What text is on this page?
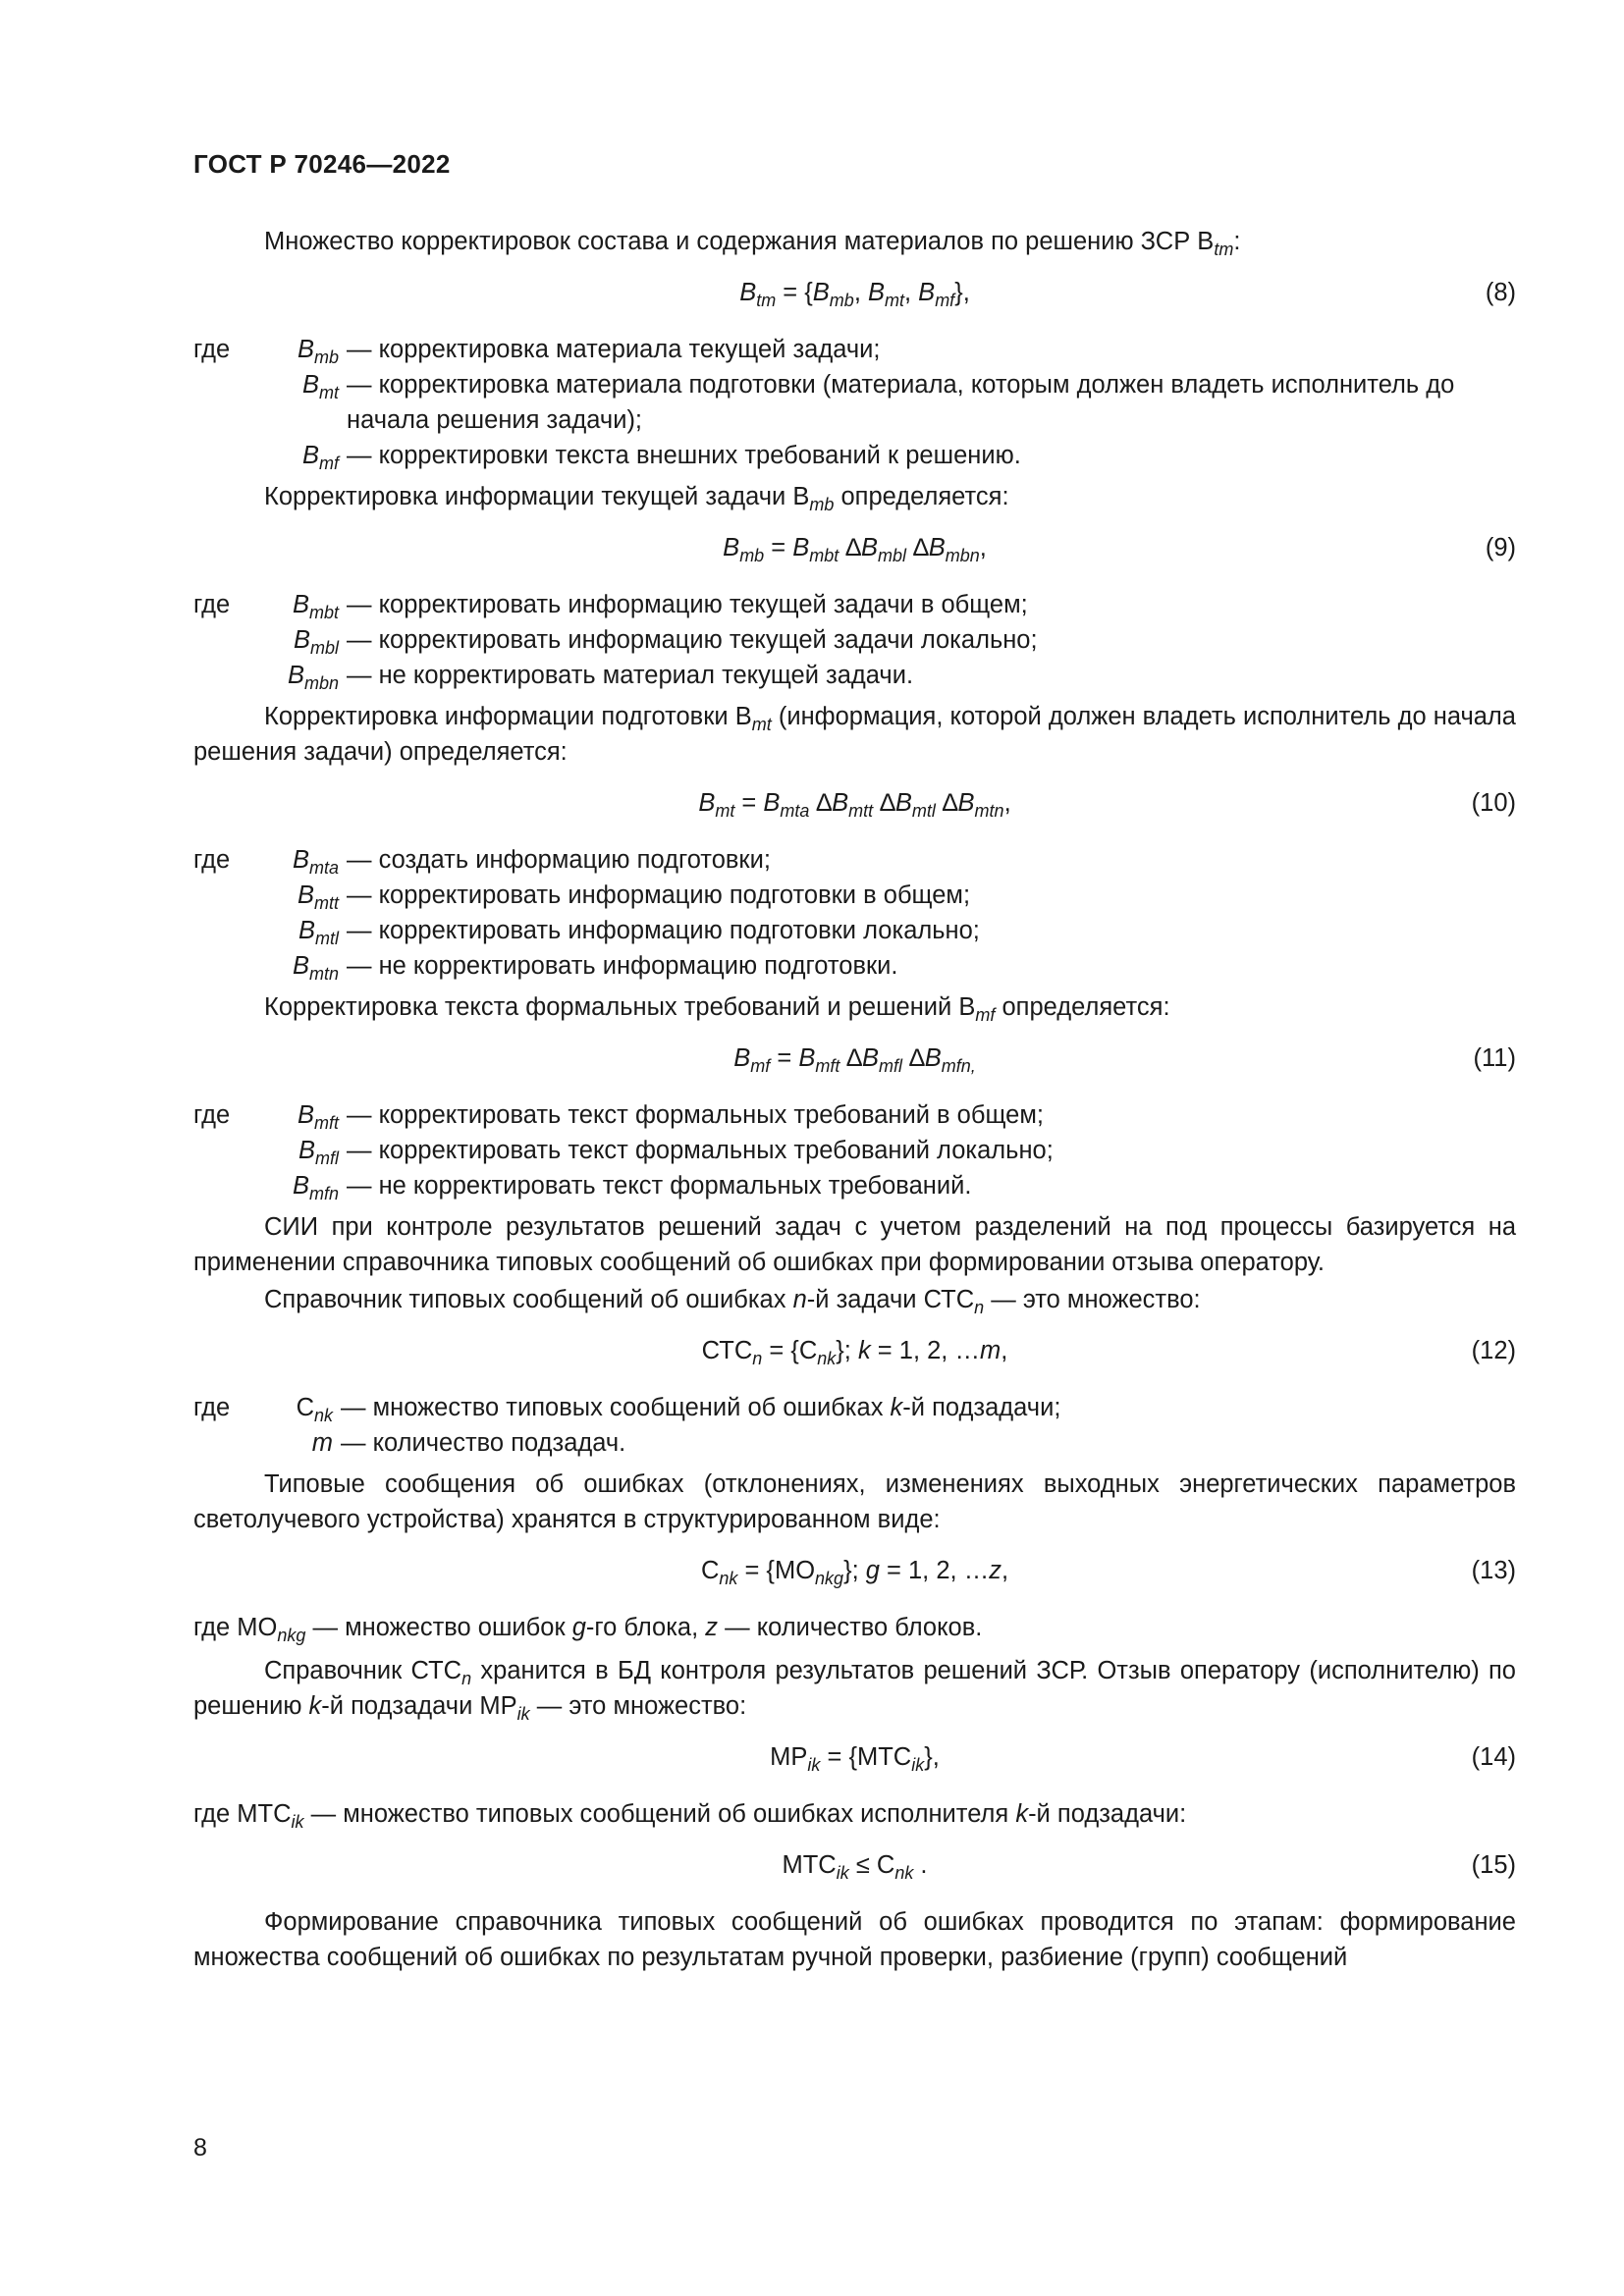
ГОСТ Р 70246—2022

Множество корректировок состава и содержания материалов по решению ЗСР $B_{tm}$:

$B_{tm} = \{B_{mb}$, $B_{mt}$, $B_{mf}$},	(8)
где	$B_{mb}$ — корректировка материала текущей задачи;
$B_{mt}$ — корректировка материала подготовки (материала, которым должен владеть исполнитель до начала решения задачи);
$B_{mf}$ — корректировки текста внешних требований к решению.

Корректировка информации текущей задачи $B_{mb}$ определяется:

$B_{mb} = B_{mbt}$ $\Delta B_{mbl}$ $\Delta B_{mbn}$,	(9)
где	$B_{mbt}$ — корректировать информацию текущей задачи в общем;
$B_{mbl}$ — корректировать информацию текущей задачи локально;
$B_{mbn}$ — не корректировать материал текущей задачи.

Корректировка информации подготовки $B_{mt}$ (информация, которой должен владеть исполнитель до начала решения задачи) определяется:

$B_{mt} = B_{mta}$ $\Delta B_{mtt}$ $\Delta B_{mtl}$ $\Delta B_{mtn}$,	(10)
где	$B_{mta}$ — создать информацию подготовки;
$B_{mtt}$ — корректировать информацию подготовки в общем;
$B_{mtl}$ — корректировать информацию подготовки локально;
$B_{mtn}$ — не корректировать информацию подготовки.

Корректировка текста формальных требований и решений $B_{mf}$ определяется:

$B_{mf} = B_{mft}$ $\Delta B_{mfl}$ $\Delta B_{mfn,}$	(11)
где	$B_{mft}$ — корректировать текст формальных требований в общем;
$B_{mfl}$ — корректировать текст формальных требований локально;
$B_{mfn}$ — не корректировать текст формальных требований.

СИИ при контроле результатов решений задач с учетом разделений на под процессы базируется на применении справочника типовых сообщений об ошибках при формировании отзыва оператору.

Справочник типовых сообщений об ошибках n-й задачи $СТС_n$ — это множество:

$СТС_n = \{С_{nk}\}$; k = 1, 2, …m,	(12)
где	$С_{nk}$ — множество типовых сообщений об ошибках k-й подзадачи;
m — количество подзадач.

Типовые сообщения об ошибках (отклонениях, изменениях выходных энергетических параметров светолучевого устройства) хранятся в структурированном виде:

$С_{nk} = \{МО_{nkg}\}$; g = 1, 2, …z,	(13)

где $МО_{nkg}$ — множество ошибок g-го блока, z — количество блоков.

Справочник $СТС_n$ хранится в БД контроля результатов решений ЗСР. Отзыв оператору (исполнителю) по решению k-й подзадачи $МР_{ik}$ — это множество:

$МР_{ik} = \{МТС_{ik}\}$,	(14)

где $МТС_{ik}$ — множество типовых сообщений об ошибках исполнителя k-й подзадачи:

$МТС_{ik} \le С_{nk}$ .	(15)

Формирование справочника типовых сообщений об ошибках проводится по этапам: формирование множества сообщений об ошибках по результатам ручной проверки, разбиение (групп) сообщений

8
